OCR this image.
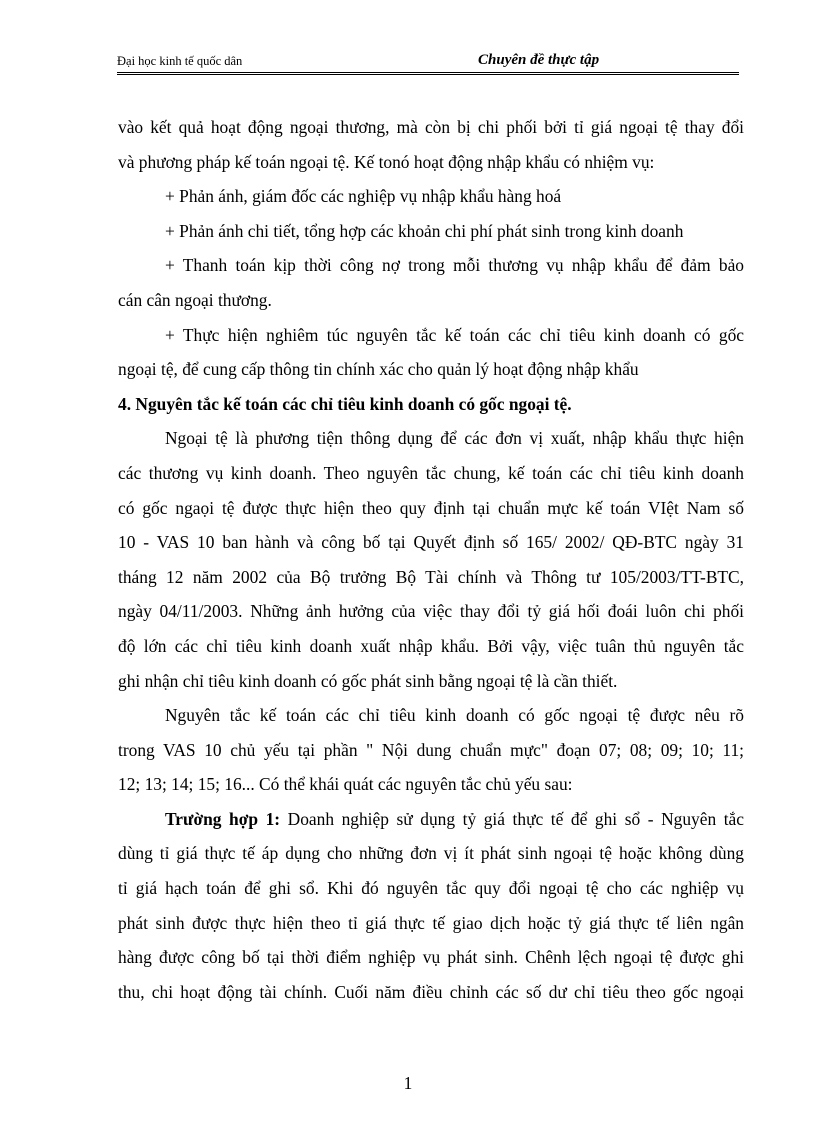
Đại học kinh tế quốc dân	Chuyên đề thực tập

vào kết quả hoạt động ngoại thương, mà còn bị chi phối bởi tỉ giá ngoại tệ thay đổi

và phương pháp kế toán ngoại tệ. Kế tonó hoạt động nhập khẩu có nhiệm vụ:

+ Phản ánh, giám đốc các nghiệp vụ nhập khẩu hàng hoá

+ Phản ánh chi tiết, tổng hợp các khoản chi phí phát sinh trong kinh doanh

+ Thanh toán kịp thời công nợ trong mỗi thương vụ nhập khẩu để đảm bảo

cán cân ngoại thương.

+ Thực hiện nghiêm túc nguyên tắc kế toán các chỉ tiêu kinh doanh có gốc

ngoại tệ, để cung cấp thông tin chính xác cho quản lý hoạt động nhập khẩu

4. Nguyên tắc kế toán các chỉ tiêu kinh doanh có gốc ngoại tệ.

Ngoại tệ là phương tiện thông dụng để các đơn vị xuất, nhập khẩu thực hiện

các thương vụ kinh doanh. Theo nguyên tắc chung, kế toán các chỉ tiêu kinh doanh

có gốc ngaọi tệ được thực hiện theo quy định tại chuẩn mực kế toán VIệt Nam số

10 - VAS 10 ban hành và công bố tại Quyết định số 165/ 2002/ QĐ-BTC ngày 31

tháng 12 năm 2002 của Bộ trưởng Bộ Tài chính và Thông tư 105/2003/TT-BTC,

ngày 04/11/2003. Những ảnh hưởng của việc thay đổi tỷ giá hối đoái luôn chi phối

độ lớn các chỉ tiêu kinh doanh xuất nhập khẩu. Bởi vậy, việc tuân thủ nguyên tắc

ghi nhận chỉ tiêu kinh doanh có gốc phát sinh bằng ngoại tệ là cần thiết.

Nguyên tắc kế toán các chỉ tiêu kinh doanh có gốc ngoại tệ được nêu rõ

trong VAS 10 chủ yếu tại phần " Nội dung chuẩn mực" đoạn 07; 08; 09; 10; 11;

12; 13; 14; 15; 16... Có thể khái quát các nguyên tắc chủ yếu sau:

Trường hợp 1: Doanh nghiệp sử dụng tỷ giá thực tế để ghi sổ - Nguyên tắc

dùng tỉ giá thực tế áp dụng cho những đơn vị ít phát sinh ngoại tệ hoặc không dùng

tỉ giá hạch toán để ghi sổ. Khi đó nguyên tắc quy đổi ngoại tệ cho các nghiệp vụ

phát sinh được thực hiện theo tỉ giá thực tế giao dịch hoặc tỷ giá thực tế liên ngân

hàng được công bố tại thời điểm nghiệp vụ phát sinh. Chênh lệch ngoại tệ được ghi

thu, chi hoạt động tài chính. Cuối năm điều chỉnh các số dư chỉ tiêu theo gốc ngoại

1
